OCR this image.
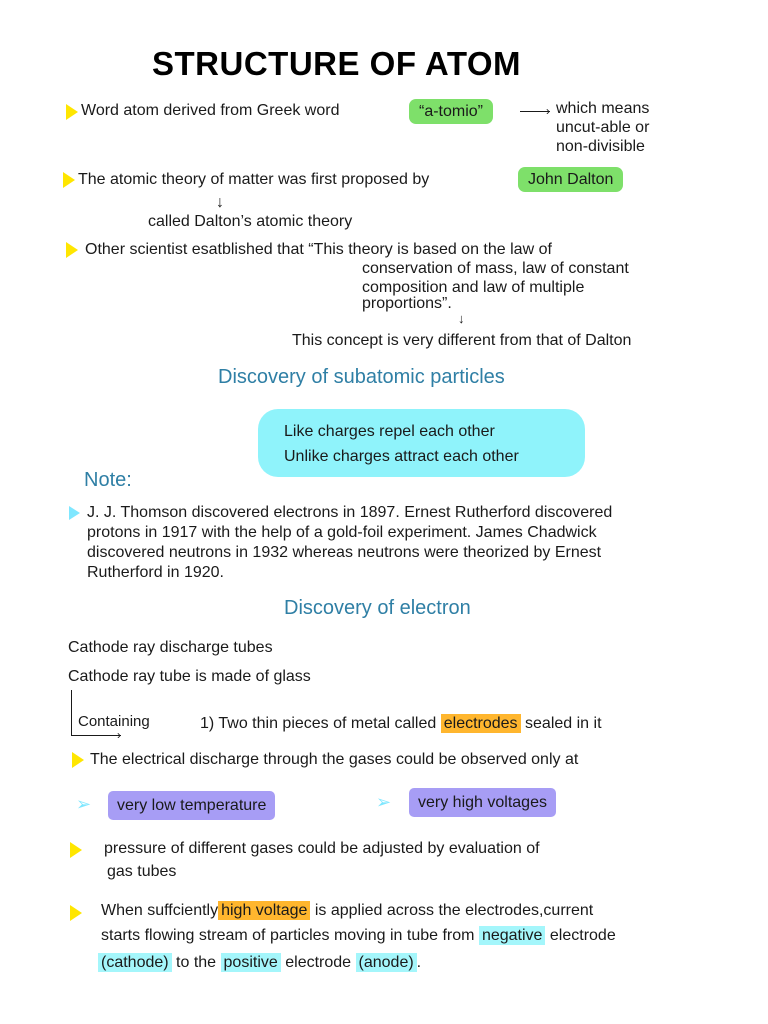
STRUCTURE OF ATOM
Word atom derived from Greek word	“a-tomio”	› which means
uncut-able or
non-divisible
The atomic theory of matter was first proposed by	John Dalton
↓
called Dalton’s atomic theory
Other scientist esatblished that “This theory is based on the law of
conservation of mass, law of constant
composition and law of multiple
proportions”.
↓
This concept is very different from that of Dalton
Discovery of subatomic particles
Like charges repel each other
Unlike charges attract each other
Note:
J. J. Thomson discovered electrons in 1897. Ernest Rutherford discovered
protons in 1917 with the help of a gold-foil experiment. James Chadwick
discovered neutrons in 1932 whereas neutrons were theorized by Ernest
Rutherford in 1920.
Discovery of electron
Cathode ray discharge tubes
Cathode ray tube is made of glass
›
Containing	1) Two thin pieces of metal called electrodes sealed in it
The electrical discharge through the gases could be observed only at
➢	very low temperature	➢	very high voltages
pressure of different gases could be adjusted by evaluation of
gas tubes
When suffciently high voltage is applied across the electrodes,current
starts flowing stream of particles moving in tube from negative electrode
(cathode) to the positive electrode (anode) .
